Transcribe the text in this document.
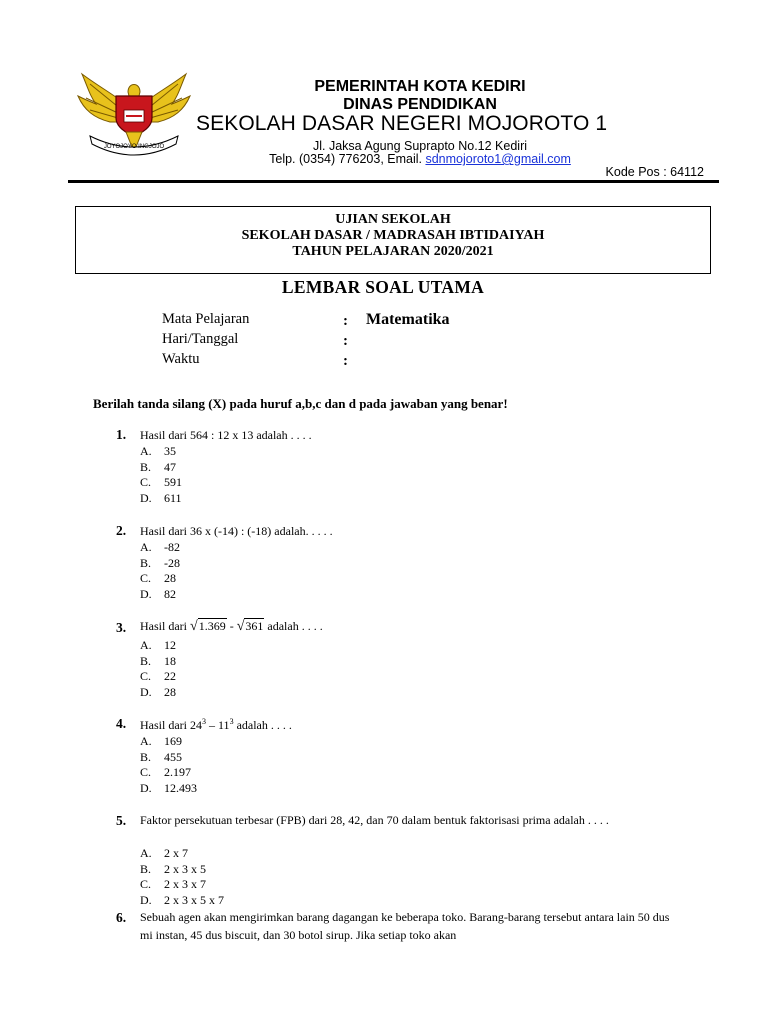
JOYOJOYO INGJOJO
PEMERINTAH KOTA KEDIRI
DINAS PENDIDIKAN
SEKOLAH DASAR NEGERI MOJOROTO 1
Jl. Jaksa Agung Suprapto No.12 Kediri
Telp. (0354) 776203, Email. sdnmojoroto1@gmail.com
Kode Pos : 64112
UJIAN SEKOLAH
SEKOLAH DASAR / MADRASAH IBTIDAIYAH
TAHUN PELAJARAN 2020/2021
LEMBAR SOAL UTAMA
Mata Pelajaran	: Matematika
Hari/Tanggal	:
Waktu	:
Berilah tanda silang (X) pada huruf a,b,c dan d pada jawaban yang benar!
1. Hasil dari 564 : 12 x 13 adalah . . . .
A. 35
B. 47
C. 591
D. 611
2. Hasil dari 36 x (-14) : (-18) adalah. . . . .
A. -82
B. -28
C. 28
D. 82
3. Hasil dari √1.369 - √361 adalah . . . .
A. 12
B. 18
C. 22
D. 28
4. Hasil dari $24^3 - 11^3$ adalah . . . .
A. 169
B. 455
C. 2.197
D. 12.493
5. Faktor persekutuan terbesar (FPB) dari 28, 42, dan 70 dalam bentuk faktorisasi prima adalah . . . .
A. 2 x 7
B. 2 x 3 x 5
C. 2 x 3 x 7
D. 2 x 3 x 5 x 7
6. Sebuah agen akan mengirimkan barang dagangan ke beberapa toko. Barang-barang tersebut antara lain 50 dus mi instan, 45 dus biscuit, dan 30 botol sirup. Jika setiap toko akan
